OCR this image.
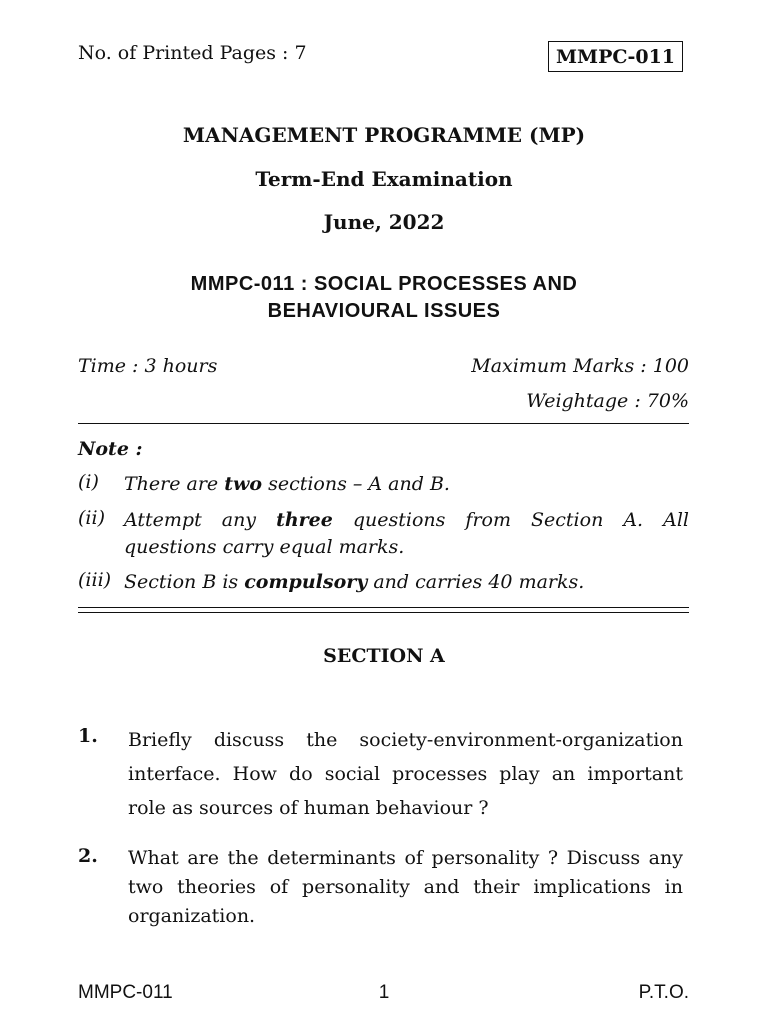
No. of Printed Pages : 7	MMPC-011
MANAGEMENT PROGRAMME (MP)
Term-End Examination
June, 2022
MMPC-011 : SOCIAL PROCESSES AND
BEHAVIOURAL ISSUES
Time : 3 hours	Maximum Marks : 100
Weightage : 70%
Note :
(i) There are two sections – A and B.
(ii) Attempt any three questions from Section A. All questions carry equal marks.
(iii) Section B is compulsory and carries 40 marks.
SECTION A
1. Briefly discuss the society-environment-organization interface. How do social processes play an important role as sources of human behaviour ?
2. What are the determinants of personality ? Discuss any two theories of personality and their implications in organization.
MMPC-011	1	P.T.O.
